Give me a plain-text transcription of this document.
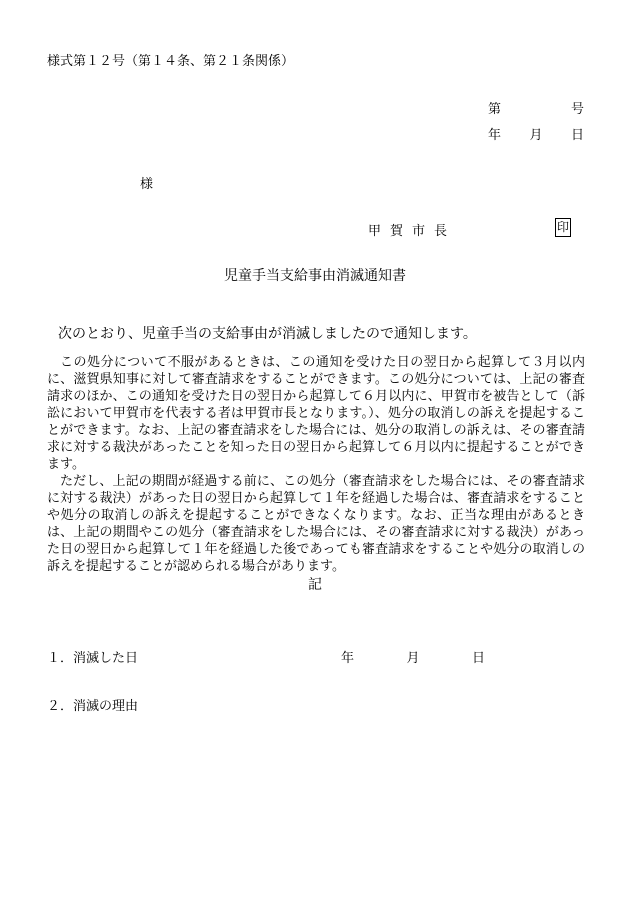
様式第１２号（第１４条、第２１条関係）
第	号
年 月 日
様
甲賀市長	印
児童手当支給事由消滅通知書
次のとおり、児童手当の支給事由が消滅しましたので通知します。

この処分について不服があるときは、この通知を受けた日の翌日から起算して３月以内に、滋賀県知事に対して審査請求をすることができます。この処分については、上記の審査請求のほか、この通知を受けた日の翌日から起算して６月以内に、甲賀市を被告として（訴訟において甲賀市を代表する者は甲賀市長となります。）、処分の取消しの訴えを提起することができます。なお、上記の審査請求をした場合には、処分の取消しの訴えは、その審査請求に対する裁決があったことを知った日の翌日から起算して６月以内に提起することができます。

ただし、上記の期間が経過する前に、この処分（審査請求をした場合には、その審査請求に対する裁決）があった日の翌日から起算して１年を経過した場合は、審査請求をすることや処分の取消しの訴えを提起することができなくなります。なお、正当な理由があるときは、上記の期間やこの処分（審査請求をした場合には、その審査請求に対する裁決）があった日の翌日から起算して１年を経過した後であっても審査請求をすることや処分の取消しの訴えを提起することが認められる場合があります。

記
１．消滅した日	年	月	日
２．消滅の理由
